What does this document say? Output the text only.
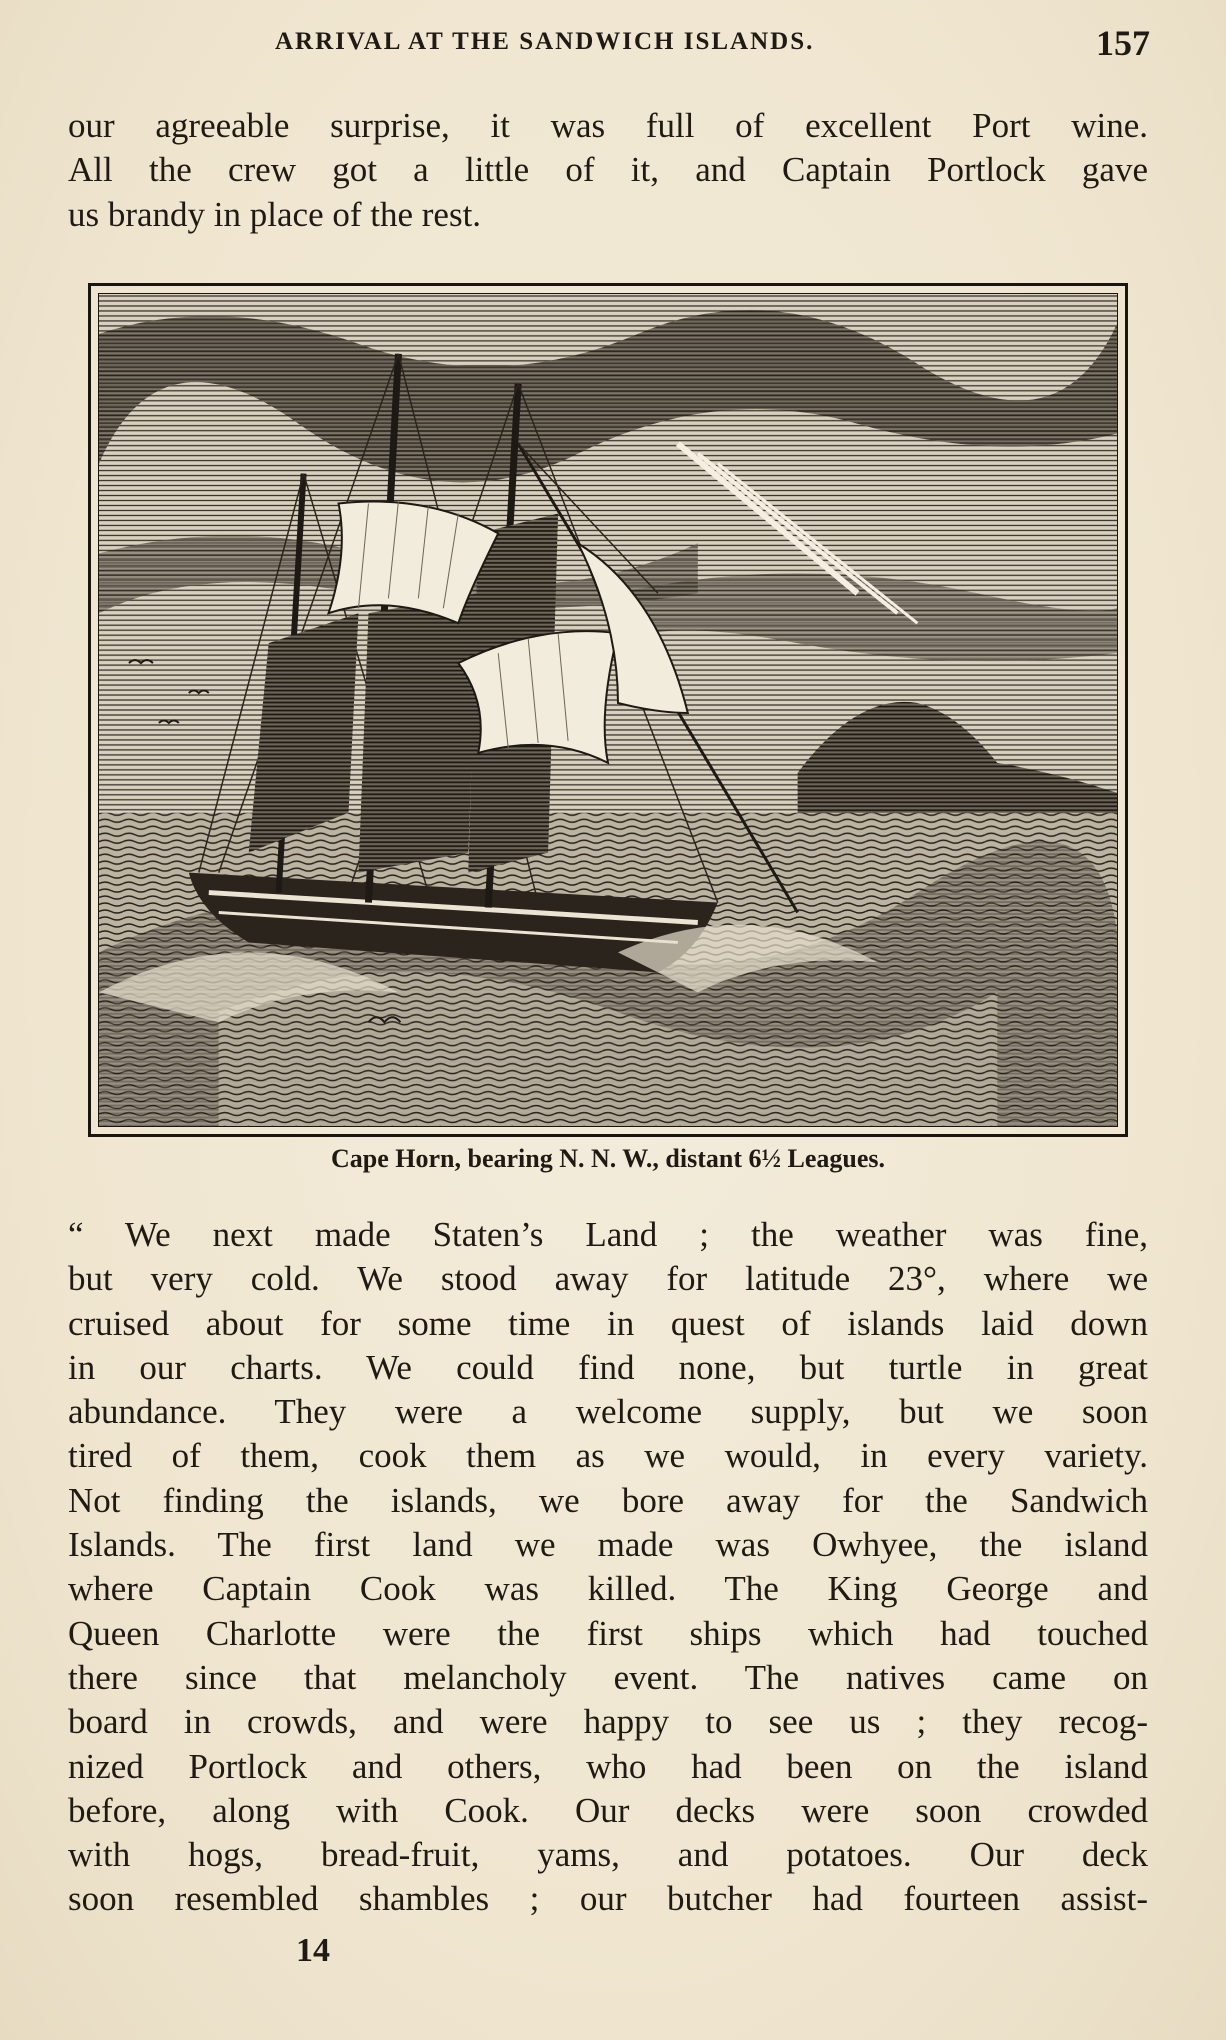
ARRIVAL AT THE SANDWICH ISLANDS.	157

our agreeable surprise, it was full of excellent Port wine.
All the crew got a little of it, and Captain Portlock gave
us brandy in place of the rest.

Cape Horn, bearing N. N. W., distant 6½ Leagues.

“ We next made Staten’s Land ; the weather was fine,
but very cold. We stood away for latitude 23°, where we
cruised about for some time in quest of islands laid down
in our charts. We could find none, but turtle in great
abundance. They were a welcome supply, but we soon
tired of them, cook them as we would, in every variety.
Not finding the islands, we bore away for the Sandwich
Islands. The first land we made was Owhyee, the island
where Captain Cook was killed. The King George and
Queen Charlotte were the first ships which had touched
there since that melancholy event. The natives came on
board in crowds, and were happy to see us ; they recog-
nized Portlock and others, who had been on the island
before, along with Cook. Our decks were soon crowded
with hogs, bread-fruit, yams, and potatoes. Our deck
soon resembled shambles ; our butcher had fourteen assist-

14
